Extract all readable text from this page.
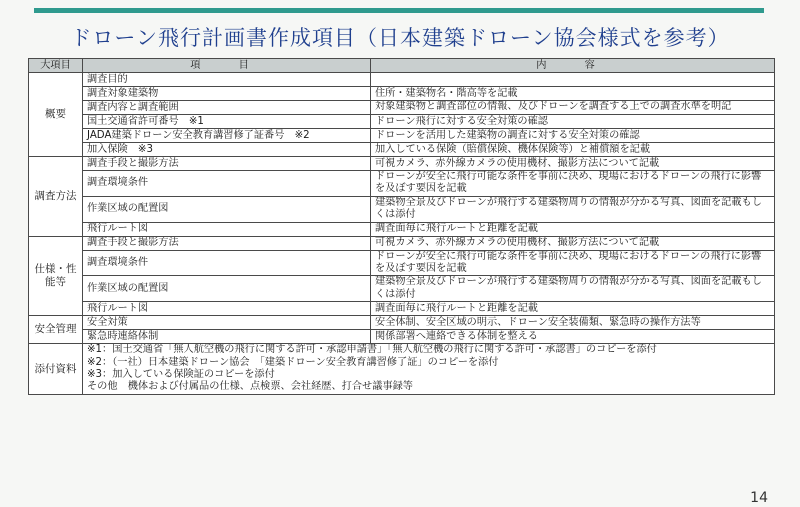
ドローン飛行計画書作成項目（日本建築ドローン協会様式を参考）
大項目	項　目	内　容
概要	調査目的	
	調査対象建築物	住所・建築物名・階高等を記載
	調査内容と調査範囲	対象建築物と調査部位の情報、及びドローンを調査する上での調査水準を明記
	国土交通省許可番号　※1	ドローン飛行に対する安全対策の確認
	JADA建築ドローン安全教育講習修了証番号　※2	ドローンを活用した建築物の調査に対する安全対策の確認
	加入保険　※3	加入している保険（賠償保険、機体保険等）と補償額を記載
調査方法	調査手段と撮影方法	可視カメラ、赤外線カメラの使用機材、撮影方法について記載
	調査環境条件	ドローンが安全に飛行可能な条件を事前に決め、現場におけるドローンの飛行に影響を及ぼす要因を記載
	作業区域の配置図	建築物全景及びドローンが飛行する建築物周りの情報が分かる写真、図面を記載もしくは添付
	飛行ルート図	調査面毎に飛行ルートと距離を記載
仕様・性能等	調査手段と撮影方法	可視カメラ、赤外線カメラの使用機材、撮影方法について記載
	調査環境条件	ドローンが安全に飛行可能な条件を事前に決め、現場におけるドローンの飛行に影響を及ぼす要因を記載
	作業区域の配置図	建築物全景及びドローンが飛行する建築物周りの情報が分かる写真、図面を記載もしくは添付
	飛行ルート図	調査面毎に飛行ルートと距離を記載
安全管理	安全対策	安全体制、安全区域の明示、ドローン安全装備類、緊急時の操作方法等
	緊急時連絡体制	関係部署へ連絡できる体制を整える
添付資料	※1：国土交通省「無人航空機の飛行に関する許可・承認申請書」「無人航空機の飛行に関する許可・承認書」のコピーを添付
※2：（一社）日本建築ドローン協会　「建築ドローン安全教育講習修了証」のコピーを添付
※3：加入している保険証のコピーを添付
その他　機体および付属品の仕様、点検票、会社経歴、打合せ議事録等	
14
